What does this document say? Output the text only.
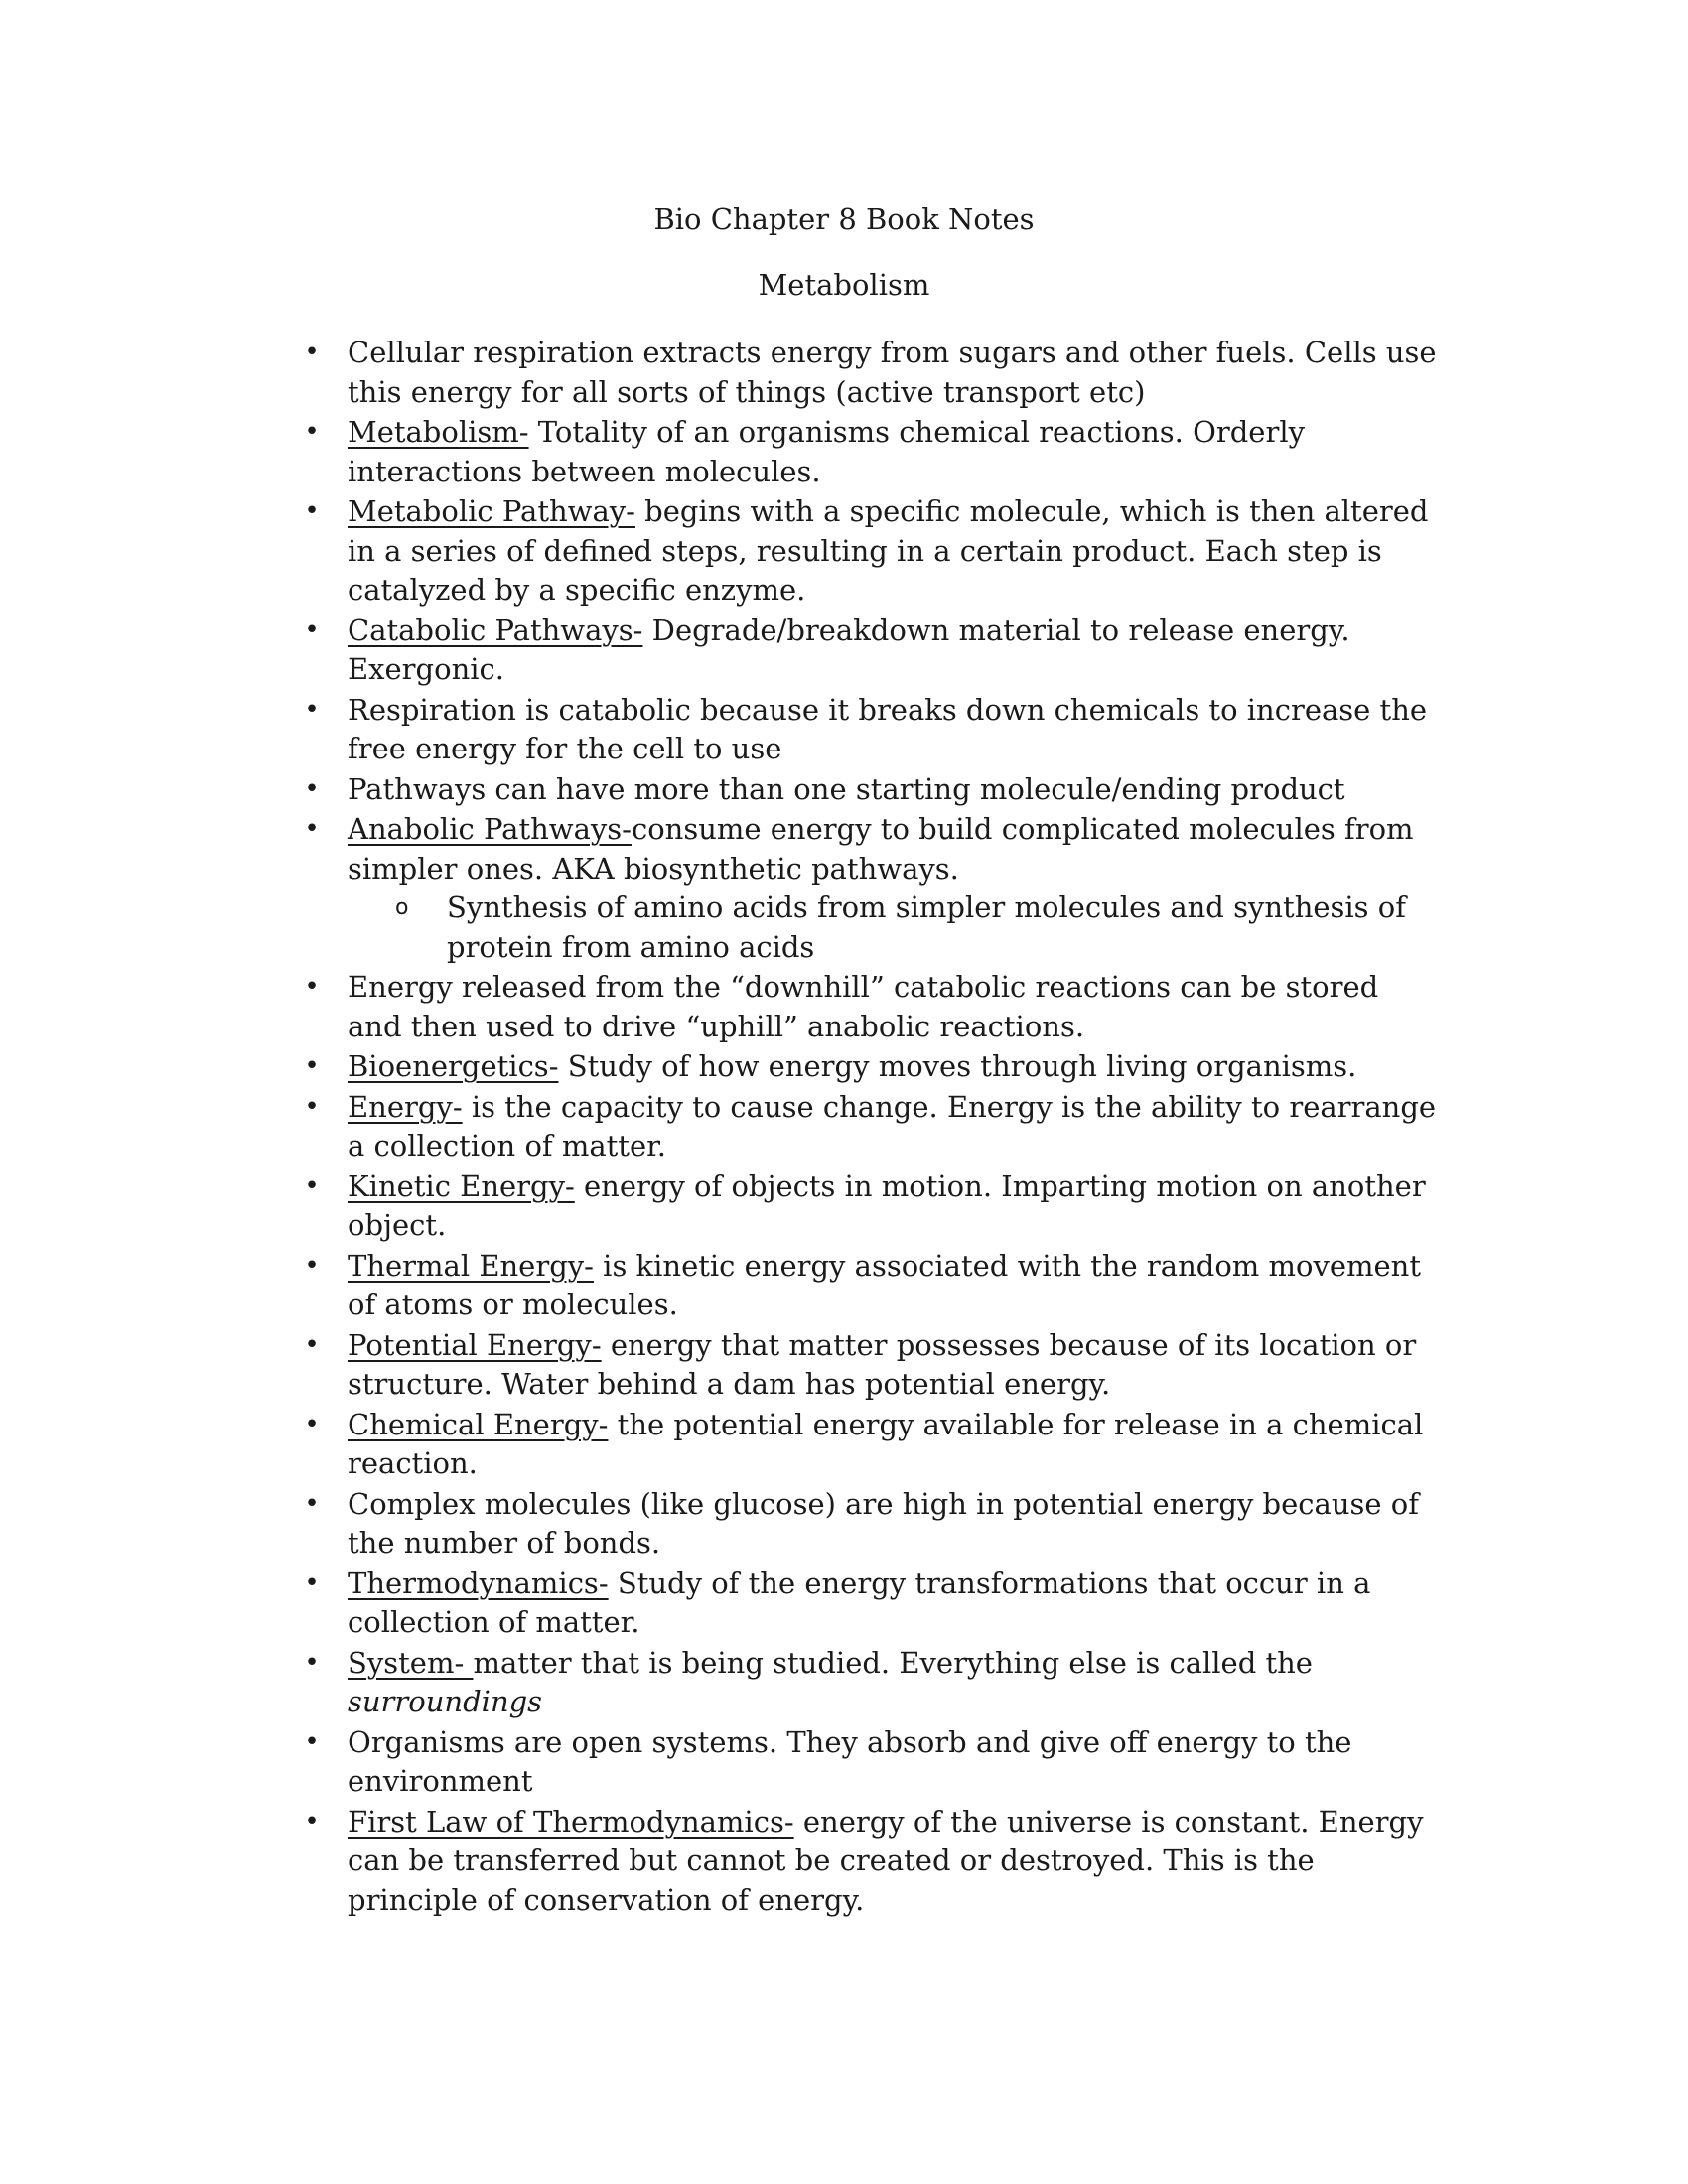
Bio Chapter 8 Book Notes
Metabolism
• Cellular respiration extracts energy from sugars and other fuels. Cells use this energy for all sorts of things (active transport etc)
• Metabolism- Totality of an organisms chemical reactions. Orderly interactions between molecules.
• Metabolic Pathway- begins with a specific molecule, which is then altered in a series of defined steps, resulting in a certain product. Each step is catalyzed by a specific enzyme.
• Catabolic Pathways- Degrade/breakdown material to release energy. Exergonic.
• Respiration is catabolic because it breaks down chemicals to increase the free energy for the cell to use
• Pathways can have more than one starting molecule/ending product
• Anabolic Pathways-consume energy to build complicated molecules from simpler ones. AKA biosynthetic pathways.
o Synthesis of amino acids from simpler molecules and synthesis of protein from amino acids
• Energy released from the “downhill” catabolic reactions can be stored and then used to drive “uphill” anabolic reactions.
• Bioenergetics- Study of how energy moves through living organisms.
• Energy- is the capacity to cause change. Energy is the ability to rearrange a collection of matter.
• Kinetic Energy- energy of objects in motion. Imparting motion on another object.
• Thermal Energy- is kinetic energy associated with the random movement of atoms or molecules.
• Potential Energy- energy that matter possesses because of its location or structure. Water behind a dam has potential energy.
• Chemical Energy- the potential energy available for release in a chemical reaction.
• Complex molecules (like glucose) are high in potential energy because of the number of bonds.
• Thermodynamics- Study of the energy transformations that occur in a collection of matter.
• System- matter that is being studied. Everything else is called the surroundings
• Organisms are open systems. They absorb and give off energy to the environment
• First Law of Thermodynamics- energy of the universe is constant. Energy can be transferred but cannot be created or destroyed. This is the principle of conservation of energy.
